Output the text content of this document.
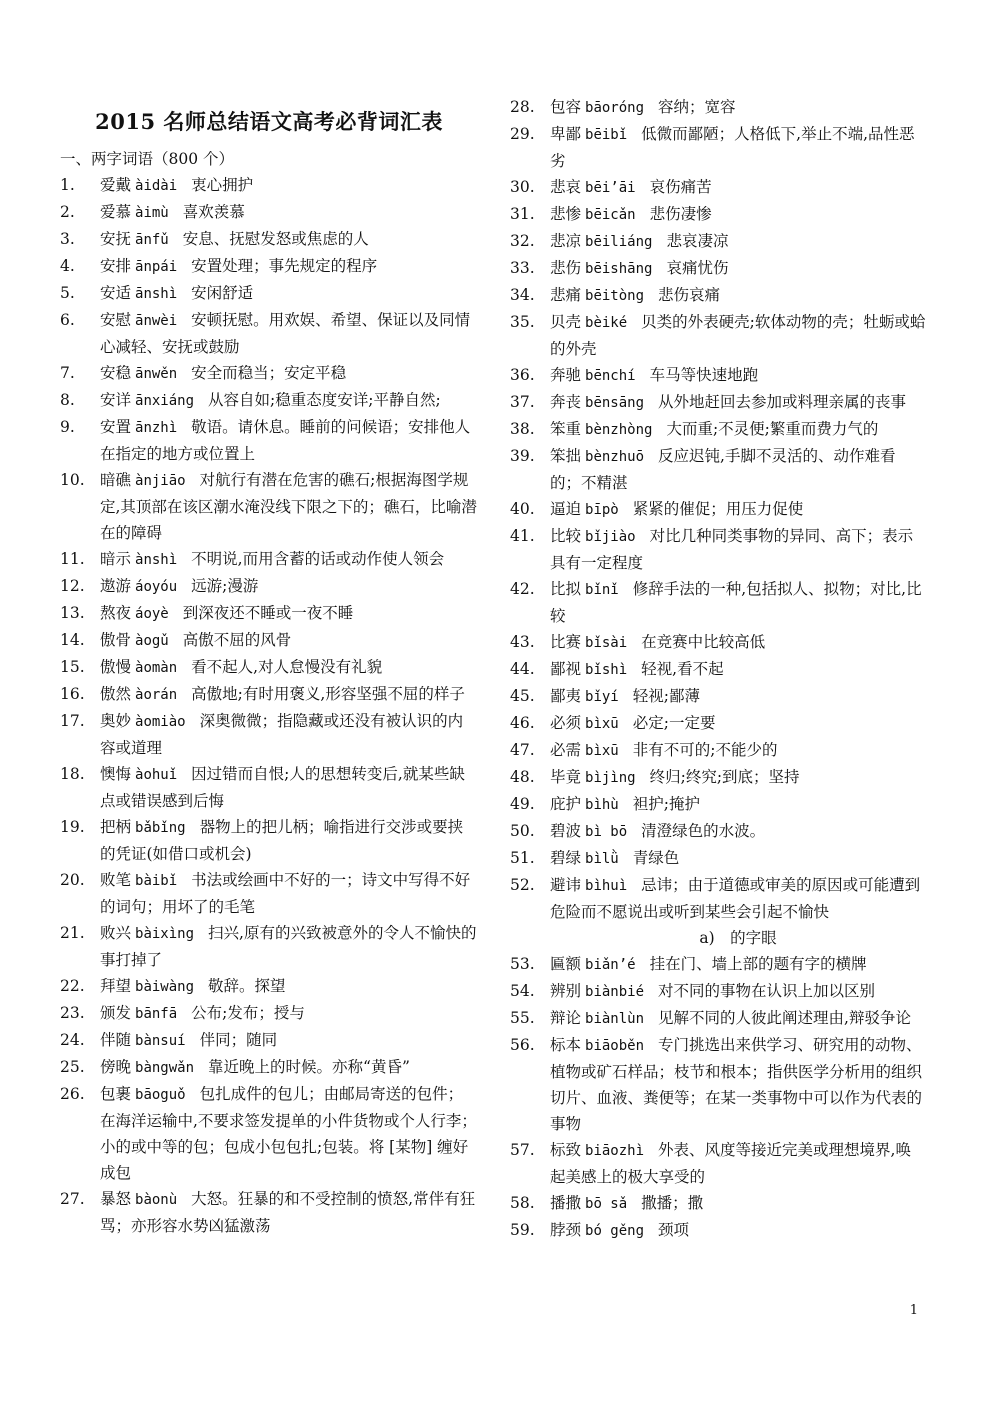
2015 名师总结语文高考必背词汇表
一、两字词语（800 个）
1. 爱戴 àidài 衷心拥护
2. 爱慕 àimù 喜欢羡慕
3. 安抚 ānfǔ 安息、抚慰发怒或焦虑的人
4. 安排 ānpái 安置处理；事先规定的程序
5. 安适 ānshì 安闲舒适
6. 安慰 ānwèi 安顿抚慰。用欢娱、希望、保证以及同情心减轻、安抚或鼓励
7. 安稳 ānwěn 安全而稳当；安定平稳
8. 安详 ānxiáng 从容自如;稳重态度安详;平静自然;
9. 安置 ānzhì 敬语。请休息。睡前的问候语；安排他人在指定的地方或位置上
10. 暗礁 ànjiāo 对航行有潜在危害的礁石;根据海图学规定,其顶部在该区潮水淹没线下限之下的；礁石，比喻潜在的障碍
11. 暗示 ànshì 不明说,而用含蓄的话或动作使人领会
12. 遨游 áoyóu 远游;漫游
13. 熬夜 áoyè 到深夜还不睡或一夜不睡
14. 傲骨 àogǔ 高傲不屈的风骨
15. 傲慢 àomàn 看不起人,对人怠慢没有礼貌
16. 傲然 àorán 高傲地;有时用褒义,形容坚强不屈的样子
17. 奥妙 àomiào 深奥微微；指隐藏或还没有被认识的内容或道理
18. 懊悔 àohuǐ 因过错而自恨;人的思想转变后,就某些缺点或错误感到后悔
19. 把柄 bǎbǐng 器物上的把儿柄；喻指进行交涉或要挟的凭证(如借口或机会)
20. 败笔 bàibǐ 书法或绘画中不好的一；诗文中写得不好的词句；用坏了的毛笔
21. 败兴 bàixìng 扫兴,原有的兴致被意外的令人不愉快的事打掉了
22. 拜望 bàiwàng 敬辞。探望
23. 颁发 bānfā 公布;发布；授与
24. 伴随 bànsuí 伴同；随同
25. 傍晚 bàngwǎn 靠近晚上的时候。亦称“黄昏”
26. 包裹 bāoguǒ 包扎成件的包儿；由邮局寄送的包件；在海洋运输中,不要求签发提单的小件货物或个人行李；小的或中等的包；包成小包包扎;包装。将 [某物] 缠好成包
27. 暴怒 bàonù 大怒。狂暴的和不受控制的愤怒,常伴有狂骂；亦形容水势凶猛激荡
28. 包容 bāoróng 容纳；宽容
29. 卑鄙 bēibǐ 低微而鄙陋；人格低下,举止不端,品性恶劣
30. 悲哀 bēi’āi 哀伤痛苦
31. 悲惨 bēicǎn 悲伤凄惨
32. 悲凉 bēiliáng 悲哀凄凉
33. 悲伤 bēishāng 哀痛忧伤
34. 悲痛 bēitòng 悲伤哀痛
35. 贝壳 bèiké 贝类的外表硬壳;软体动物的壳；牡蛎或蛤的外壳
36. 奔驰 bēnchí 车马等快速地跑
37. 奔丧 bēnsāng 从外地赶回去参加或料理亲属的丧事
38. 笨重 bènzhòng 大而重;不灵便;繁重而费力气的
39. 笨拙 bènzhuō 反应迟钝,手脚不灵活的、动作难看的；不精湛
40. 逼迫 bīpò 紧紧的催促；用压力促使
41. 比较 bǐjiào 对比几种同类事物的异同、高下；表示具有一定程度
42. 比拟 bǐnǐ 修辞手法的一种,包括拟人、拟物；对比,比较
43. 比赛 bǐsài 在竞赛中比较高低
44. 鄙视 bǐshì 轻视,看不起
45. 鄙夷 bǐyí 轻视;鄙薄
46. 必须 bìxū 必定;一定要
47. 必需 bìxū 非有不可的;不能少的
48. 毕竟 bìjìng 终归;终究;到底；坚持
49. 庇护 bìhù 袒护;掩护
50. 碧波 bì bō 清澄绿色的水波。
51. 碧绿 bìlǜ 青绿色
52. 避讳 bìhuì 忌讳；由于道德或审美的原因或可能遭到危险而不愿说出或听到某些会引起不愉快
a)　的字眼
53. 匾额 biǎn’é 挂在门、墙上部的题有字的横牌
54. 辨别 biànbié 对不同的事物在认识上加以区别
55. 辩论 biànlùn 见解不同的人彼此阐述理由,辩驳争论
56. 标本 biāoběn 专门挑选出来供学习、研究用的动物、植物或矿石样品；枝节和根本；指供医学分析用的组织切片、血液、粪便等；在某一类事物中可以作为代表的事物
57. 标致 biāozhì 外表、风度等接近完美或理想境界,唤起美感上的极大享受的
58. 播撒 bō sǎ 撒播；撒
59. 脖颈 bó gěng 颈项
1
